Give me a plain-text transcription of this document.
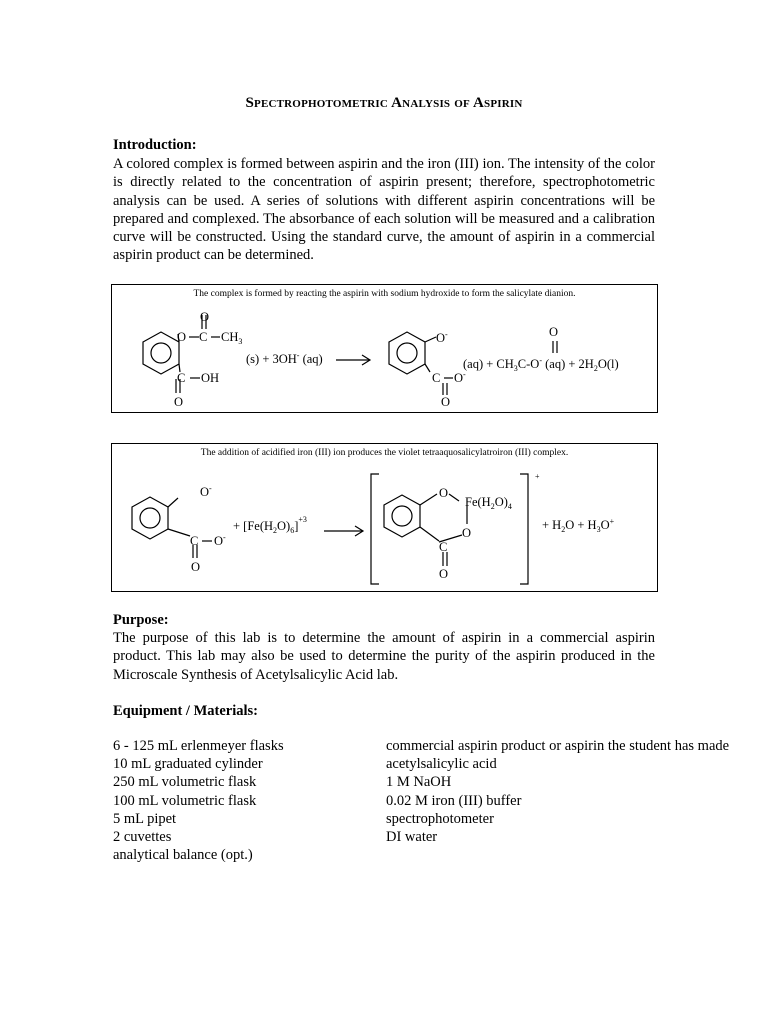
Spectrophotometric Analysis of Aspirin
Introduction:

A colored complex is formed between aspirin and the iron (III) ion. The intensity of the color is directly related to the concentration of aspirin present; therefore, spectrophotometric analysis can be used. A series of solutions with different aspirin concentrations will be prepared and complexed. The absorbance of each solution will be measured and a calibration curve will be constructed. Using the standard curve, the amount of aspirin in a commercial aspirin product can be determined.

The complex is formed by reacting the aspirin with sodium hydroxide to form the salicylate dianion.
O O C $CH_3$ (s) + 3OH- (aq) C OH O O- C O- O O $(aq) + CH_3C-O^-$ $(aq) + 2H_2O(l)$
The addition of acidified iron (III) ion produces the violet tetraaquosalicylatroiron (III) complex.
O- C O- $O + [Fe(H_2O)_6]^{+3}$ O $Fe(H_2O)_4$ O C O + + $H_2O + H_3O^+$
Purpose:

The purpose of this lab is to determine the amount of aspirin in a commercial aspirin product. This lab may also be used to determine the purity of the aspirin produced in the Microscale Synthesis of Acetylsalicylic Acid lab.

Equipment / Materials:
6 - 125 mL erlenmeyer flasks
10 mL graduated cylinder
250 mL volumetric flask
100 mL volumetric flask
5 mL pipet
2 cuvettes
analytical balance (opt.)
commercial aspirin product or aspirin the student has made
acetylsalicylic acid
1 M NaOH
0.02 M iron (III) buffer
spectrophotometer
DI water
